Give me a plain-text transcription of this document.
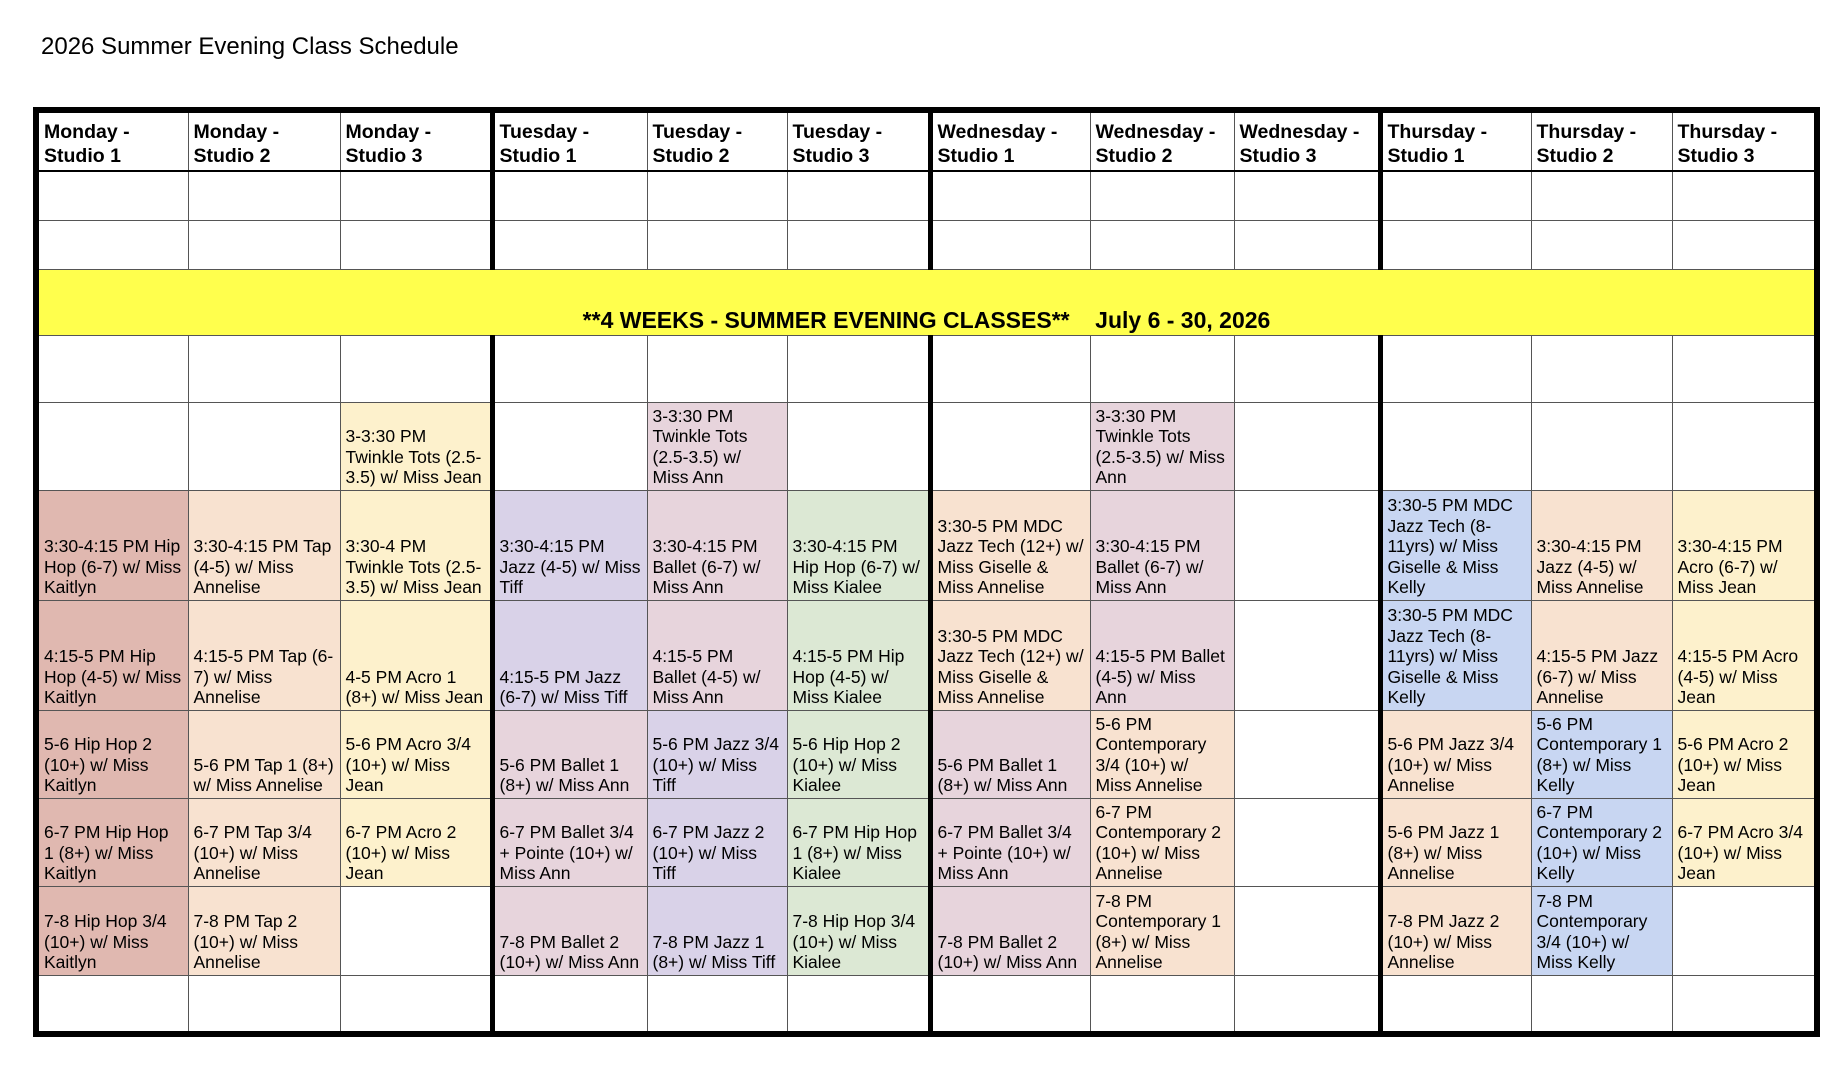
2026 Summer Evening Class Schedule
Monday - Studio 1	Monday - Studio 2	Monday - Studio 3	Tuesday - Studio 1	Tuesday - Studio 2	Tuesday - Studio 3	Wednesday - Studio 1	Wednesday - Studio 2	Wednesday - Studio 3	Thursday - Studio 1	Thursday - Studio 2	Thursday - Studio 3

**4 WEEKS - SUMMER EVENING CLASSES**    July 6 - 30, 2026											

		3-3:30 PM Twinkle Tots (2.5-3.5) w/ Miss Jean		3-3:30 PM Twinkle Tots (2.5-3.5) w/ Miss Ann			3-3:30 PM Twinkle Tots (2.5-3.5) w/ Miss Ann				
3:30-4:15 PM Hip Hop (6-7) w/ Miss Kaitlyn	3:30-4:15 PM Tap (4-5) w/ Miss Annelise	3:30-4 PM Twinkle Tots (2.5-3.5) w/ Miss Jean	3:30-4:15 PM Jazz (4-5) w/ Miss Tiff	3:30-4:15 PM Ballet (6-7) w/ Miss Ann	3:30-4:15 PM Hip Hop (6-7) w/ Miss Kialee	3:30-5 PM MDC Jazz Tech (12+) w/ Miss Giselle & Miss Annelise	3:30-4:15 PM Ballet (6-7) w/ Miss Ann		3:30-5 PM MDC Jazz Tech (8-11yrs) w/ Miss Giselle & Miss Kelly	3:30-4:15 PM Jazz (4-5) w/ Miss Annelise	3:30-4:15 PM Acro (6-7) w/ Miss Jean
4:15-5 PM Hip Hop (4-5) w/ Miss Kaitlyn	4:15-5 PM Tap (6-7) w/ Miss Annelise	4-5 PM Acro 1 (8+) w/ Miss Jean	4:15-5 PM Jazz (6-7) w/ Miss Tiff	4:15-5 PM Ballet (4-5) w/ Miss Ann	4:15-5 PM Hip Hop (4-5) w/ Miss Kialee	3:30-5 PM MDC Jazz Tech (12+) w/ Miss Giselle & Miss Annelise	4:15-5 PM Ballet (4-5) w/ Miss Ann		3:30-5 PM MDC Jazz Tech (8-11yrs) w/ Miss Giselle & Miss Kelly	4:15-5 PM Jazz (6-7) w/ Miss Annelise	4:15-5 PM Acro (4-5) w/ Miss Jean
5-6 Hip Hop 2 (10+) w/ Miss Kaitlyn	5-6 PM Tap 1 (8+) w/ Miss Annelise	5-6 PM Acro 3/4 (10+) w/ Miss Jean	5-6 PM Ballet 1 (8+) w/ Miss Ann	5-6 PM Jazz 3/4 (10+) w/ Miss Tiff	5-6 Hip Hop 2 (10+) w/ Miss Kialee	5-6 PM Ballet 1 (8+) w/ Miss Ann	5-6 PM Contemporary 3/4 (10+) w/ Miss Annelise		5-6 PM Jazz 3/4 (10+) w/ Miss Annelise	5-6 PM Contemporary 1 (8+) w/ Miss Kelly	5-6 PM Acro 2 (10+) w/ Miss Jean
6-7 PM Hip Hop 1 (8+) w/ Miss Kaitlyn	6-7 PM Tap 3/4 (10+) w/ Miss Annelise	6-7 PM Acro 2 (10+) w/ Miss Jean	6-7 PM Ballet 3/4 + Pointe (10+) w/ Miss Ann	6-7 PM Jazz 2 (10+) w/ Miss Tiff	6-7 PM Hip Hop 1 (8+) w/ Miss Kialee	6-7 PM Ballet 3/4 + Pointe (10+) w/ Miss Ann	6-7 PM Contemporary 2 (10+) w/ Miss Annelise		5-6 PM Jazz 1 (8+) w/ Miss Annelise	6-7 PM Contemporary 2 (10+) w/ Miss Kelly	6-7 PM Acro 3/4 (10+) w/ Miss Jean
7-8 Hip Hop 3/4 (10+) w/ Miss Kaitlyn	7-8 PM Tap 2 (10+) w/ Miss Annelise		7-8 PM Ballet 2 (10+) w/ Miss Ann	7-8 PM Jazz 1 (8+) w/ Miss Tiff	7-8 Hip Hop 3/4 (10+) w/ Miss Kialee	7-8 PM Ballet 2 (10+) w/ Miss Ann	7-8 PM Contemporary 1 (8+) w/ Miss Annelise		7-8 PM Jazz 2 (10+) w/ Miss Annelise	7-8 PM Contemporary 3/4 (10+) w/ Miss Kelly	
